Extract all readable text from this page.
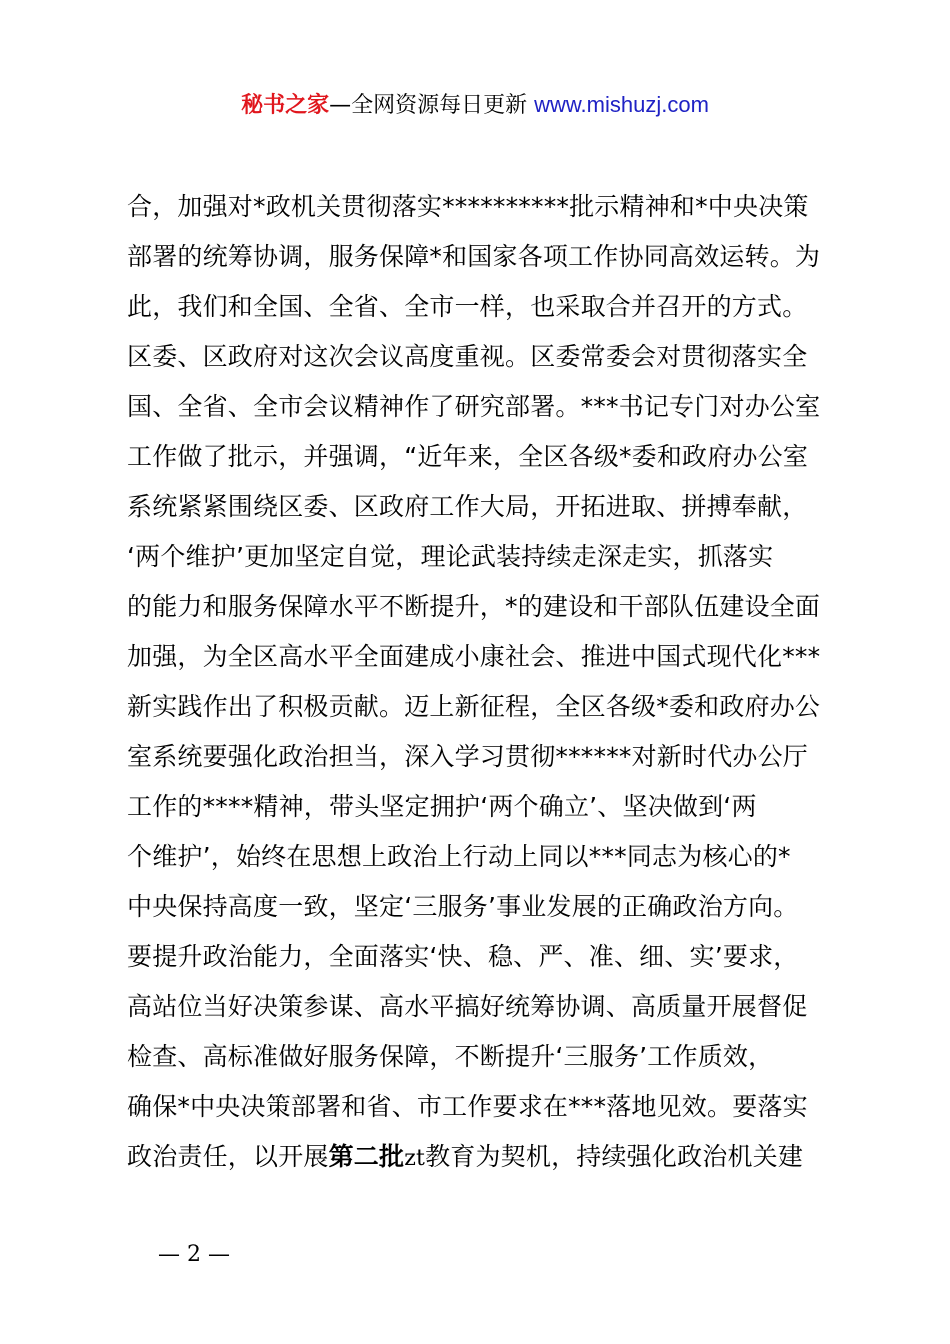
秘书之家—全网资源每日更新 www.mishuzj.com
合，加强对*政机关贯彻落实**********批示精神和*中央决策
部署的统筹协调，服务保障*和国家各项工作协同高效运转。为
此，我们和全国、全省、全市一样，也采取合并召开的方式。
区委、区政府对这次会议高度重视。区委常委会对贯彻落实全
国、全省、全市会议精神作了研究部署。***书记专门对办公室
工作做了批示，并强调，“近年来，全区各级*委和政府办公室
系统紧紧围绕区委、区政府工作大局，开拓进取、拼搏奉献，
‘两个维护’更加坚定自觉，理论武装持续走深走实，抓落实
的能力和服务保障水平不断提升，*的建设和干部队伍建设全面
加强，为全区高水平全面建成小康社会、推进中国式现代化***
新实践作出了积极贡献。迈上新征程，全区各级*委和政府办公
室系统要强化政治担当，深入学习贯彻******对新时代办公厅
工作的****精神，带头坚定拥护‘两个确立’、坚决做到‘两
个维护’，始终在思想上政治上行动上同以***同志为核心的*
中央保持高度一致，坚定‘三服务’事业发展的正确政治方向。
要提升政治能力，全面落实‘快、稳、严、准、细、实’要求，
高站位当好决策参谋、高水平搞好统筹协调、高质量开展督促
检查、高标准做好服务保障，不断提升‘三服务’工作质效，
确保*中央决策部署和省、市工作要求在***落地见效。要落实
政治责任，以开展第二批zt教育为契机，持续强化政治机关建
— 2 —
